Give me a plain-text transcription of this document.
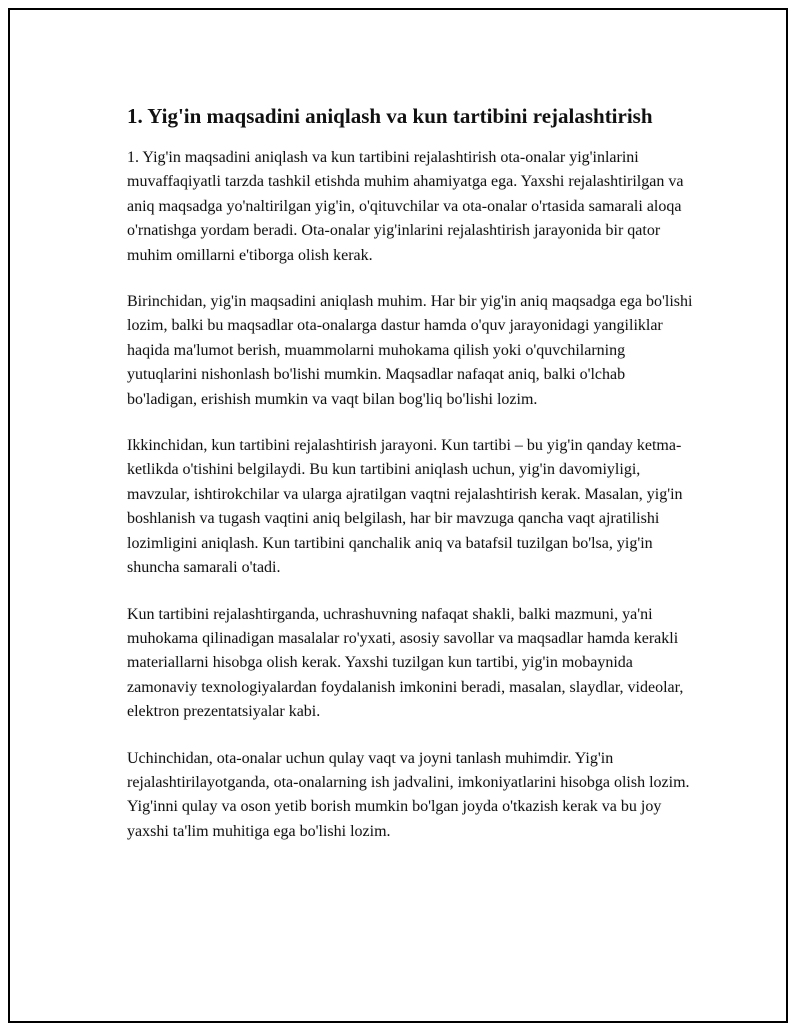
1. Yig'in maqsadini aniqlash va kun tartibini rejalashtirish

1. Yig'in maqsadini aniqlash va kun tartibini rejalashtirish ota-onalar yig'inlarini muvaffaqiyatli tarzda tashkil etishda muhim ahamiyatga ega. Yaxshi rejalashtirilgan va aniq maqsadga yo'naltirilgan yig'in, o'qituvchilar va ota-onalar o'rtasida samarali aloqa o'rnatishga yordam beradi. Ota-onalar yig'inlarini rejalashtirish jarayonida bir qator muhim omillarni e'tiborga olish kerak.

Birinchidan, yig'in maqsadini aniqlash muhim. Har bir yig'in aniq maqsadga ega bo'lishi lozim, balki bu maqsadlar ota-onalarga dastur hamda o'quv jarayonidagi yangiliklar haqida ma'lumot berish, muammolarni muhokama qilish yoki o'quvchilarning yutuqlarini nishonlash bo'lishi mumkin. Maqsadlar nafaqat aniq, balki o'lchab bo'ladigan, erishish mumkin va vaqt bilan bog'liq bo'lishi lozim.

Ikkinchidan, kun tartibini rejalashtirish jarayoni. Kun tartibi – bu yig'in qanday ketma-ketlikda o'tishini belgilaydi. Bu kun tartibini aniqlash uchun, yig'in davomiyligi, mavzular, ishtirokchilar va ularga ajratilgan vaqtni rejalashtirish kerak. Masalan, yig'in boshlanish va tugash vaqtini aniq belgilash, har bir mavzuga qancha vaqt ajratilishi lozimligini aniqlash. Kun tartibini qanchalik aniq va batafsil tuzilgan bo'lsa, yig'in shuncha samarali o'tadi.

Kun tartibini rejalashtirganda, uchrashuvning nafaqat shakli, balki mazmuni, ya'ni muhokama qilinadigan masalalar ro'yxati, asosiy savollar va maqsadlar hamda kerakli materiallarni hisobga olish kerak. Yaxshi tuzilgan kun tartibi, yig'in mobaynida zamonaviy texnologiyalardan foydalanish imkonini beradi, masalan, slaydlar, videolar, elektron prezentatsiyalar kabi.

Uchinchidan, ota-onalar uchun qulay vaqt va joyni tanlash muhimdir. Yig'in rejalashtirilayotganda, ota-onalarning ish jadvalini, imkoniyatlarini hisobga olish lozim. Yig'inni qulay va oson yetib borish mumkin bo'lgan joyda o'tkazish kerak va bu joy yaxshi ta'lim muhitiga ega bo'lishi lozim.
